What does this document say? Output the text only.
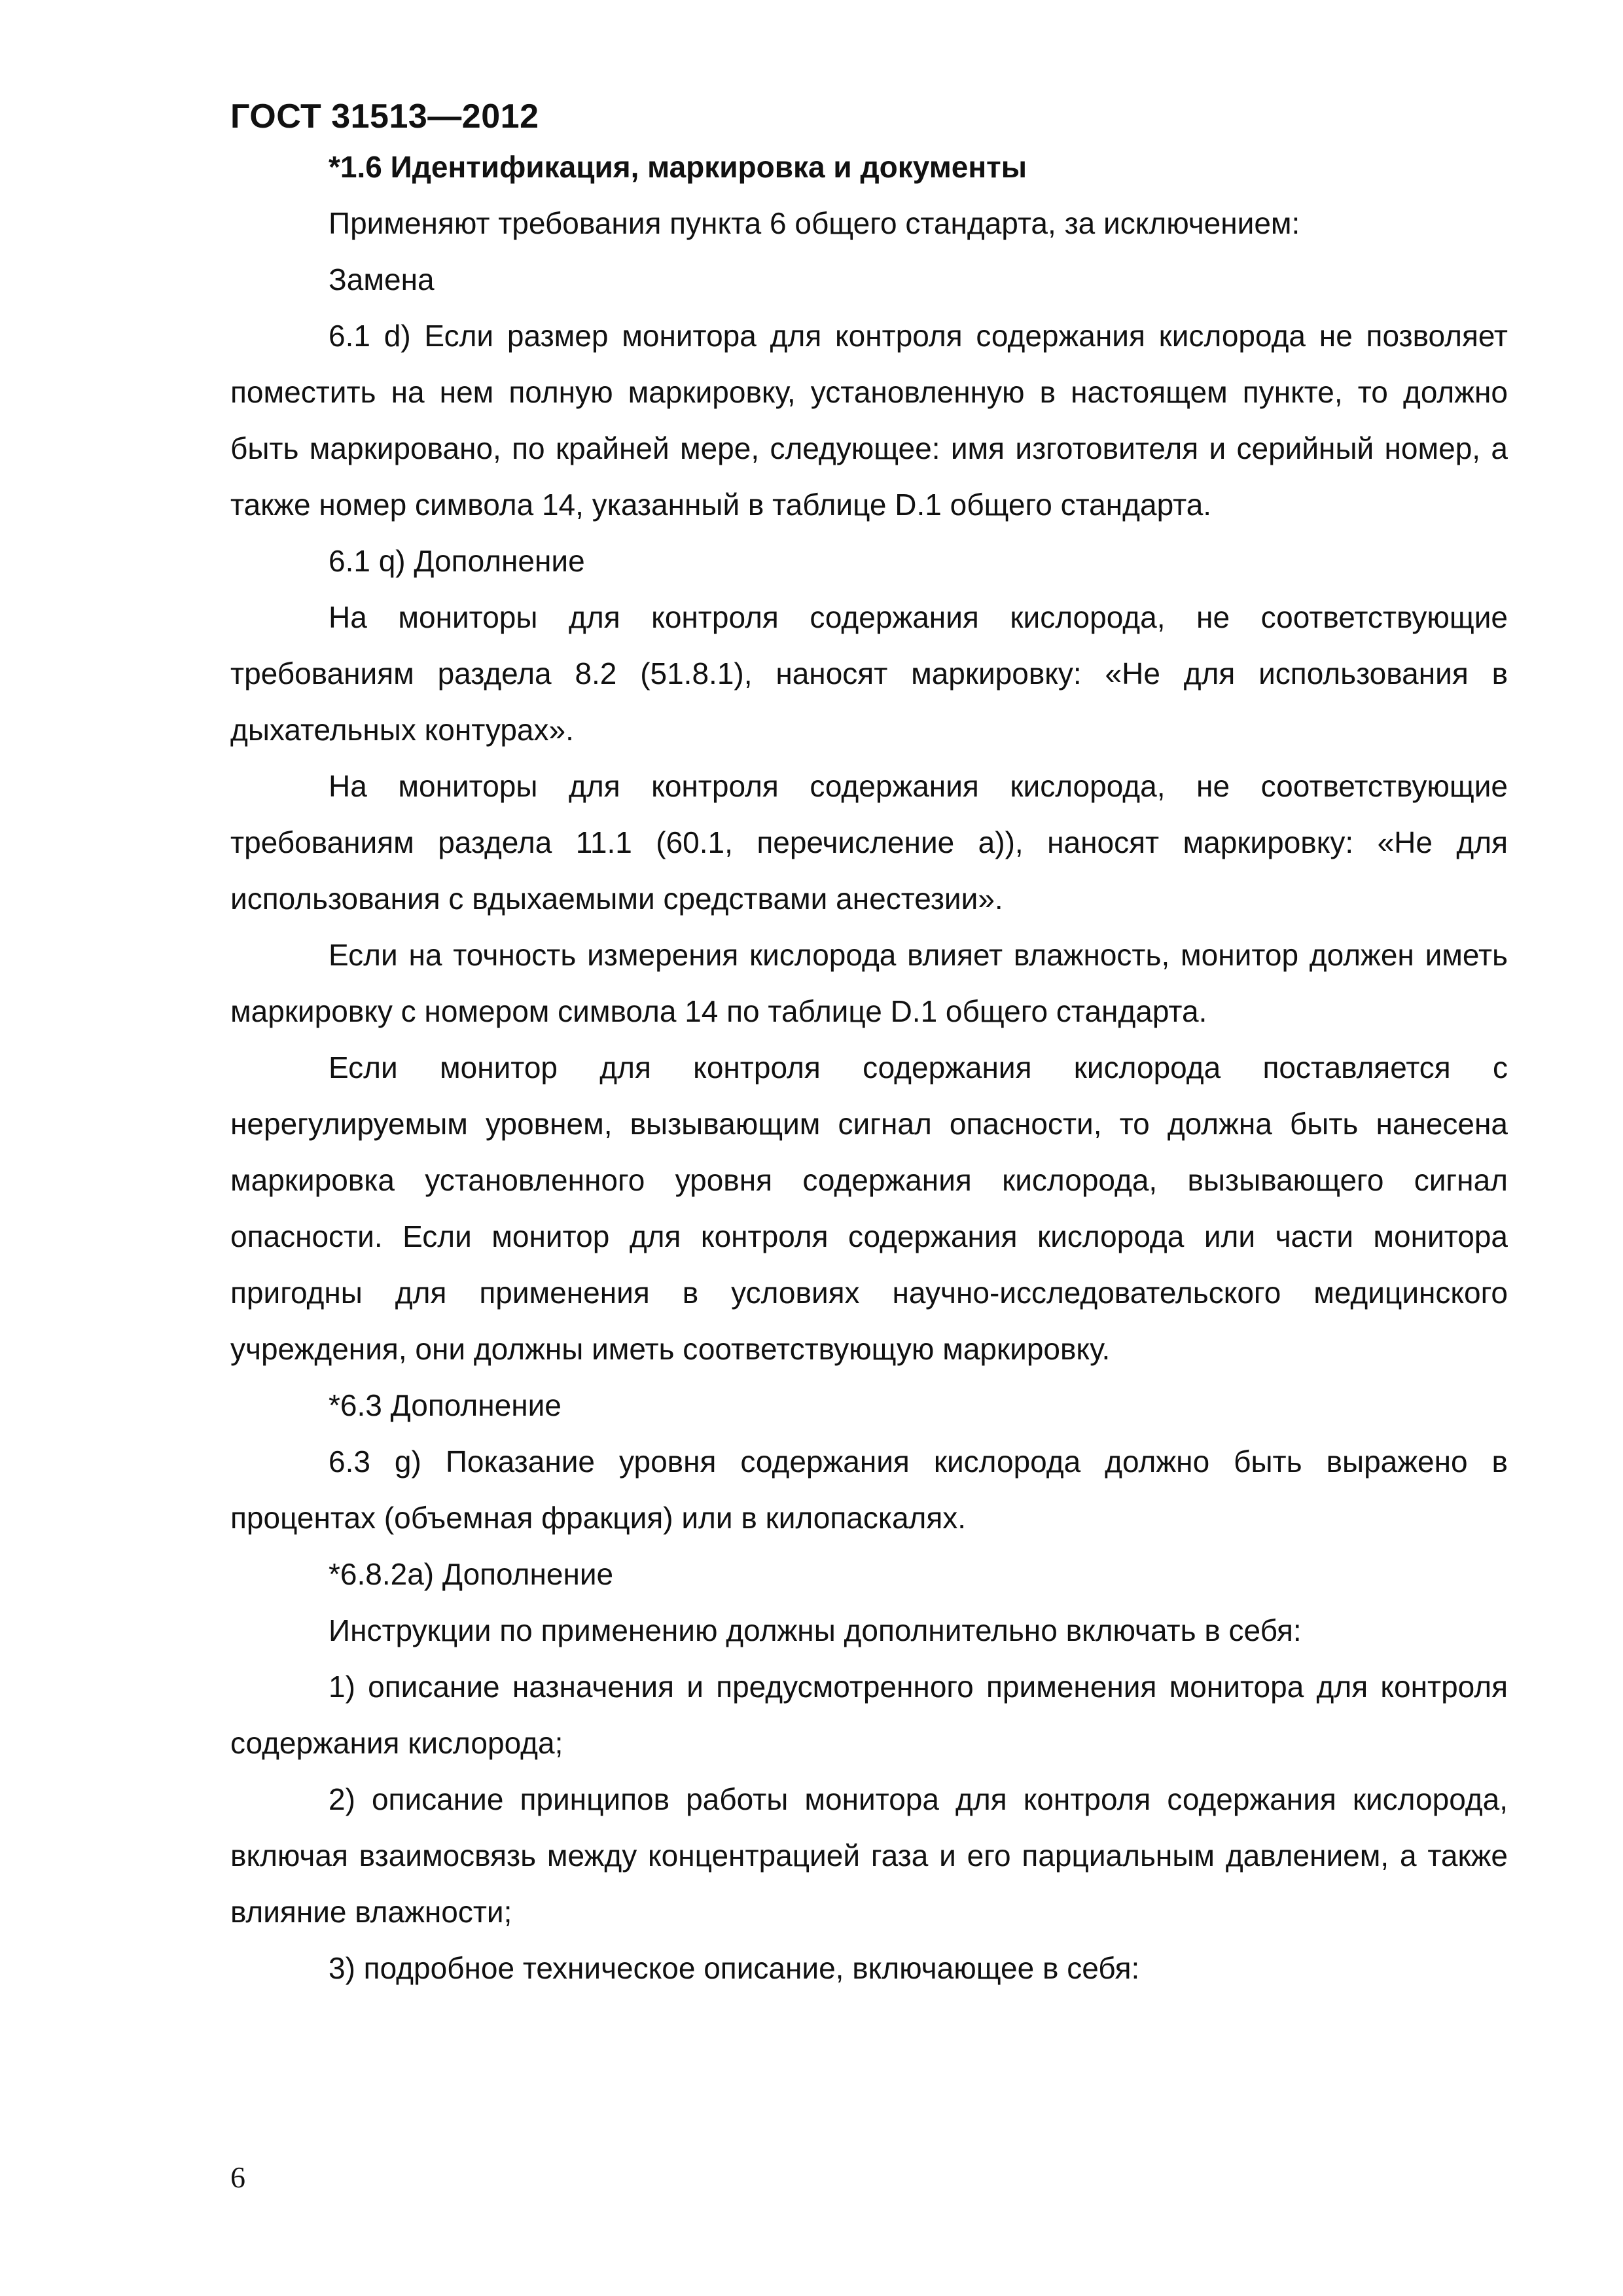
ГОСТ 31513—2012

*1.6 Идентификация, маркировка и документы

Применяют требования пункта 6 общего стандарта, за исключением:

Замена

6.1 d) Если размер монитора для контроля содержания кислорода не позволяет поместить на нем полную маркировку, установленную в настоящем пункте, то должно быть маркировано, по крайней мере, следующее: имя изготовителя и серийный номер, а также номер символа 14, указанный в таблице D.1 общего стандарта.

6.1 q) Дополнение

На мониторы для контроля содержания кислорода, не соответствующие требованиям раздела 8.2 (51.8.1), наносят маркировку: «Не для использования в дыхательных контурах».

На мониторы для контроля содержания кислорода, не соответствующие требованиям раздела 11.1 (60.1, перечисление а)), наносят маркировку: «Не для использования с вдыхаемыми средствами анестезии».

Если на точность измерения кислорода влияет влажность, монитор должен иметь маркировку с номером символа 14 по таблице D.1 общего стандарта.

Если монитор для контроля содержания кислорода поставляется с нерегулируемым уровнем, вызывающим сигнал опасности, то должна быть нанесена маркировка установленного уровня содержания кислорода, вызывающего сигнал опасности. Если монитор для контроля содержания кислорода или части монитора пригодны для применения в условиях научно-исследовательского медицинского учреждения, они должны иметь соответствующую маркировку.

*6.3 Дополнение

6.3 g) Показание уровня содержания кислорода должно быть выражено в процентах (объемная фракция) или в килопаскалях.

*6.8.2a) Дополнение

Инструкции по применению должны дополнительно включать в себя:

1) описание назначения и предусмотренного применения монитора для контроля содержания кислорода;

2) описание принципов работы монитора для контроля содержания кислорода, включая взаимосвязь между концентрацией газа и его парциальным давлением, а также влияние влажности;

3) подробное техническое описание, включающее в себя:

6
